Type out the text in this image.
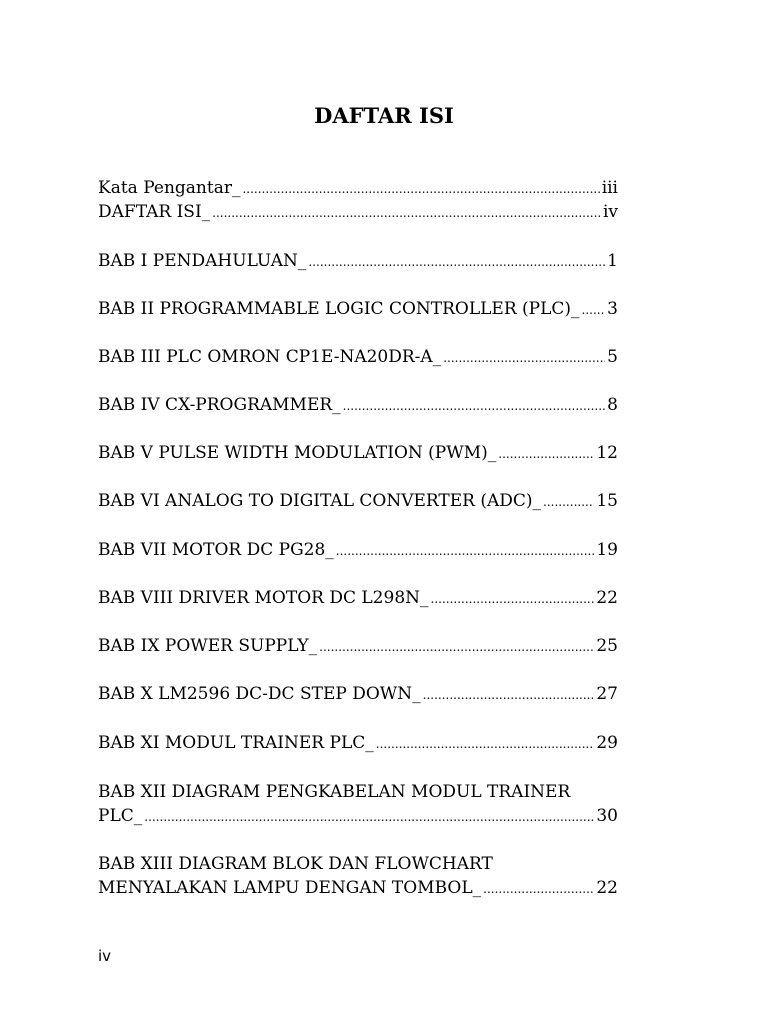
DAFTAR ISI
Kata Pengantar_ .....	iii
DAFTAR ISI_ .....	iv
BAB I PENDAHULUAN_ .....	1
BAB II PROGRAMMABLE LOGIC CONTROLLER (PLC)_ ..... 3
BAB III PLC OMRON CP1E-NA20DR-A_ .....	5
BAB IV CX-PROGRAMMER_ .....	8
BAB V PULSE WIDTH MODULATION (PWM)_ .....	12
BAB VI ANALOG TO DIGITAL CONVERTER (ADC)_ .....	15
BAB VII MOTOR DC PG28_ .....	19
BAB VIII DRIVER MOTOR DC L298N_ .....	22
BAB IX POWER SUPPLY_ .....	25
BAB X LM2596 DC-DC STEP DOWN_ .....	27
BAB XI MODUL TRAINER PLC_ .....	29
BAB XII DIAGRAM PENGKABELAN MODUL TRAINER
PLC_ .....	30
BAB XIII DIAGRAM BLOK DAN FLOWCHART
MENYALAKAN LAMPU DENGAN TOMBOL_ .....	22
iv
